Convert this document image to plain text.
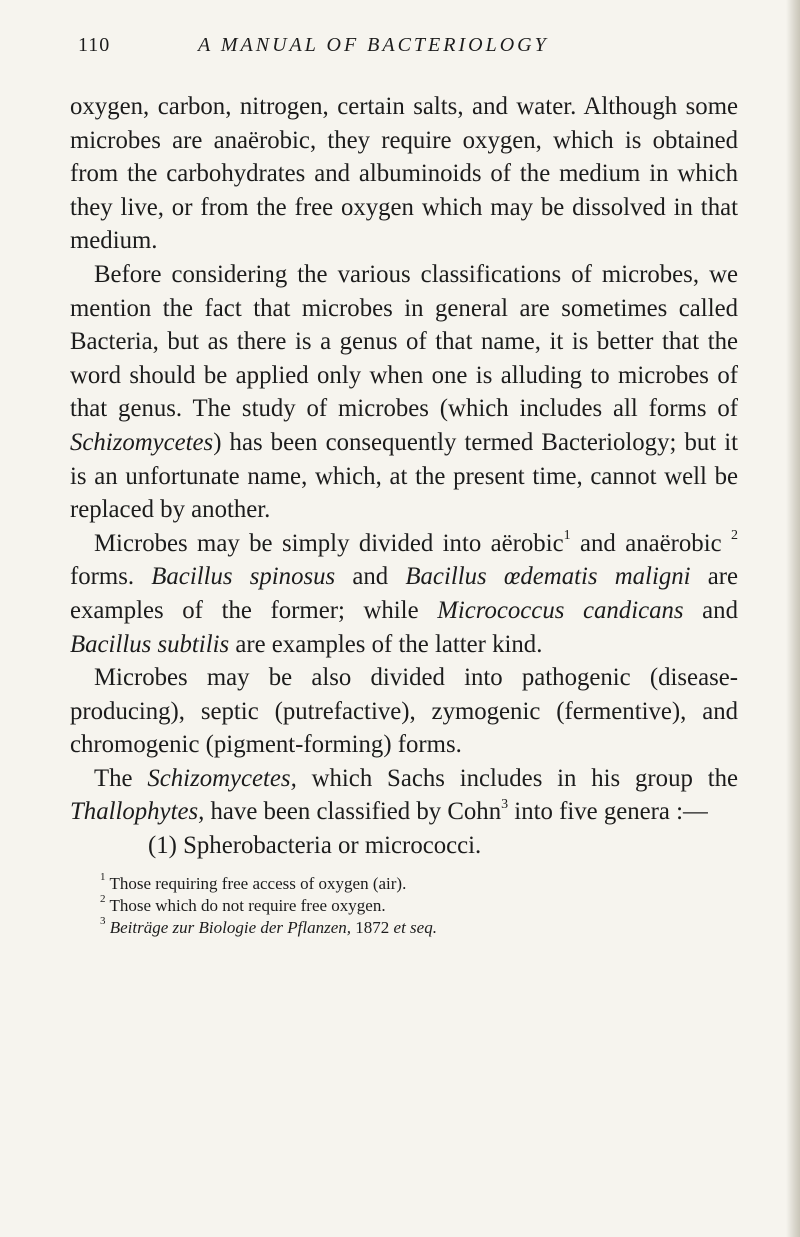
110	A MANUAL OF BACTERIOLOGY

oxygen, carbon, nitrogen, certain salts, and water. Although some microbes are anaërobic, they require oxygen, which is obtained from the carbohydrates and albuminoids of the medium in which they live, or from the free oxygen which may be dissolved in that medium.

Before considering the various classifications of microbes, we mention the fact that microbes in general are sometimes called Bacteria, but as there is a genus of that name, it is better that the word should be applied only when one is alluding to microbes of that genus. The study of microbes (which includes all forms of Schizomycetes) has been consequently termed Bacteriology; but it is an unfortunate name, which, at the present time, cannot well be replaced by another.

Microbes may be simply divided into aërobic$^1$ and anaërobic $^2$ forms. Bacillus spinosus and Bacillus œdematis maligni are examples of the former; while Micrococcus candicans and Bacillus subtilis are examples of the latter kind.

Microbes may be also divided into pathogenic (disease-producing), septic (putrefactive), zymogenic (fermentive), and chromogenic (pigment-forming) forms.

The Schizomycetes, which Sachs includes in his group the Thallophytes, have been classified by Cohn$^3$ into five genera :—

(1) Spherobacteria or micrococci.

$^1$ Those requiring free access of oxygen (air).

$^2$ Those which do not require free oxygen.

$^3$ Beiträge zur Biologie der Pflanzen, 1872 et seq.
